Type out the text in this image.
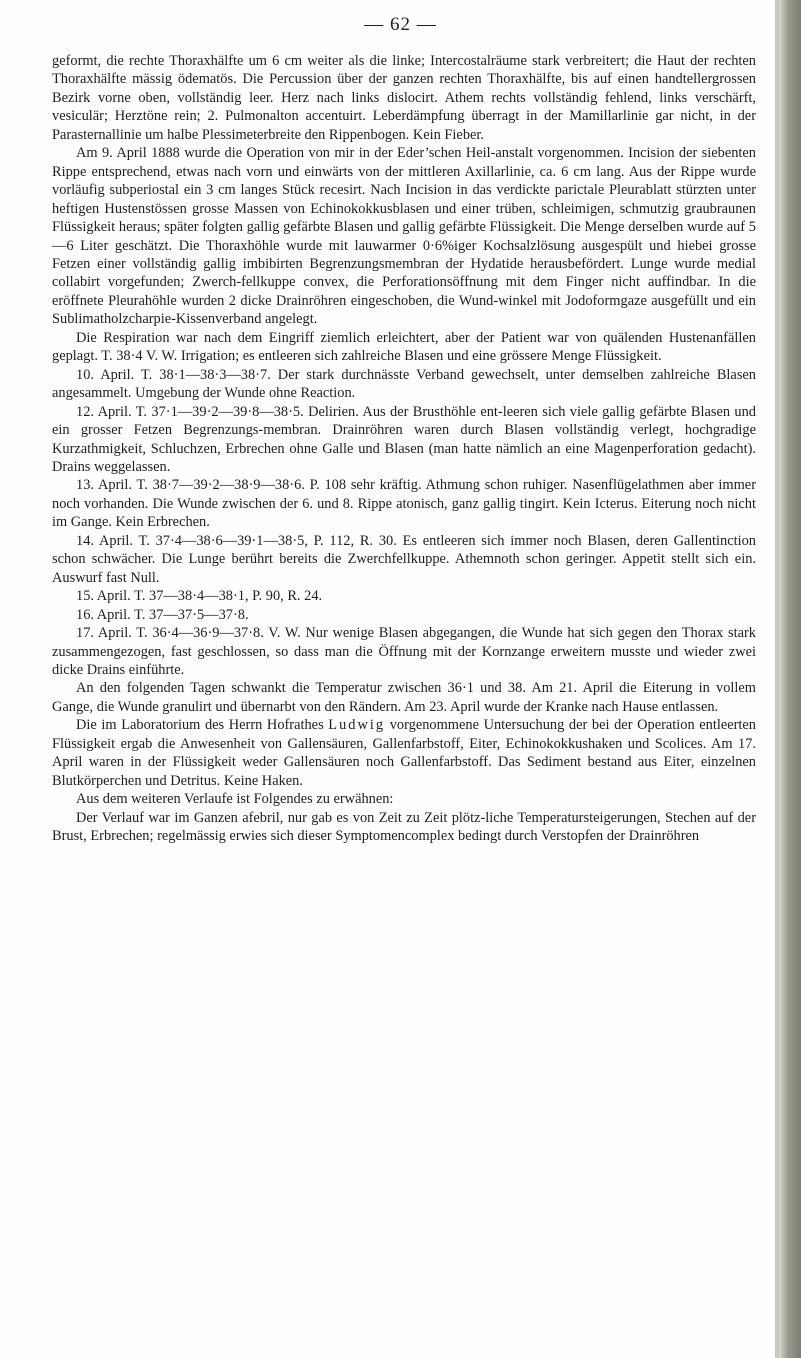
— 62 —

geformt, die rechte Thoraxhälfte um 6 cm weiter als die linke; Intercostalräume stark verbreitert; die Haut der rechten Thoraxhälfte mässig ödematös. Die Percussion über der ganzen rechten Thoraxhälfte, bis auf einen handtellergrossen Bezirk vorne oben, vollständig leer. Herz nach links dislocirt. Athem rechts vollständig fehlend, links verschärft, vesiculär; Herztöne rein; 2. Pulmonalton accentuirt. Leberdämpfung überragt in der Mamillarlinie gar nicht, in der Parasternallinie um halbe Plessimeterbreite den Rippenbogen. Kein Fieber.

Am 9. April 1888 wurde die Operation von mir in der Eder’schen Heil-anstalt vorgenommen. Incision der siebenten Rippe entsprechend, etwas nach vorn und einwärts von der mittleren Axillarlinie, ca. 6 cm lang. Aus der Rippe wurde vorläufig subperiostal ein 3 cm langes Stück recesirt. Nach Incision in das verdickte parictale Pleurablatt stürzten unter heftigen Hustenstössen grosse Massen von Echinokokkusblasen und einer trüben, schleimigen, schmutzig graubraunen Flüssigkeit heraus; später folgten gallig gefärbte Blasen und gallig gefärbte Flüssigkeit. Die Menge derselben wurde auf 5—6 Liter geschätzt. Die Thoraxhöhle wurde mit lauwarmer 0·6%iger Kochsalzlösung ausgespült und hiebei grosse Fetzen einer vollständig gallig imbibirten Begrenzungsmembran der Hydatide herausbefördert. Lunge wurde medial collabirt vorgefunden; Zwerch-fellkuppe convex, die Perforationsöffnung mit dem Finger nicht auffindbar. In die eröffnete Pleurahöhle wurden 2 dicke Drainröhren eingeschoben, die Wund-winkel mit Jodoformgaze ausgefüllt und ein Sublimatholzcharpie-Kissenverband angelegt.

Die Respiration war nach dem Eingriff ziemlich erleichtert, aber der Patient war von quälenden Hustenanfällen geplagt. T. 38·4 V. W. Irrigation; es entleeren sich zahlreiche Blasen und eine grössere Menge Flüssigkeit.

10. April. T. 38·1—38·3—38·7. Der stark durchnässte Verband gewechselt, unter demselben zahlreiche Blasen angesammelt. Umgebung der Wunde ohne Reaction.

12. April. T. 37·1—39·2—39·8—38·5. Delirien. Aus der Brusthöhle ent-leeren sich viele gallig gefärbte Blasen und ein grosser Fetzen Begrenzungs-membran. Drainröhren waren durch Blasen vollständig verlegt, hochgradige Kurzathmigkeit, Schluchzen, Erbrechen ohne Galle und Blasen (man hatte nämlich an eine Magenperforation gedacht). Drains weggelassen.

13. April. T. 38·7—39·2—38·9—38·6. P. 108 sehr kräftig. Athmung schon ruhiger. Nasenflügelathmen aber immer noch vorhanden. Die Wunde zwischen der 6. und 8. Rippe atonisch, ganz gallig tingirt. Kein Icterus. Eiterung noch nicht im Gange. Kein Erbrechen.

14. April. T. 37·4—38·6—39·1—38·5, P. 112, R. 30. Es entleeren sich immer noch Blasen, deren Gallentinction schon schwächer. Die Lunge berührt bereits die Zwerchfellkuppe. Athemnoth schon geringer. Appetit stellt sich ein. Auswurf fast Null.

15. April. T. 37—38·4—38·1, P. 90, R. 24.

16. April. T. 37—37·5—37·8.

17. April. T. 36·4—36·9—37·8. V. W. Nur wenige Blasen abgegangen, die Wunde hat sich gegen den Thorax stark zusammengezogen, fast geschlossen, so dass man die Öffnung mit der Kornzange erweitern musste und wieder zwei dicke Drains einführte.

An den folgenden Tagen schwankt die Temperatur zwischen 36·1 und 38. Am 21. April die Eiterung in vollem Gange, die Wunde granulirt und übernarbt von den Rändern. Am 23. April wurde der Kranke nach Hause entlassen.

Die im Laboratorium des Herrn Hofrathes Ludwig vorgenommene Untersuchung der bei der Operation entleerten Flüssigkeit ergab die Anwesenheit von Gallensäuren, Gallenfarbstoff, Eiter, Echinokokkushaken und Scolices. Am 17. April waren in der Flüssigkeit weder Gallensäuren noch Gallenfarbstoff. Das Sediment bestand aus Eiter, einzelnen Blutkörperchen und Detritus. Keine Haken.

Aus dem weiteren Verlaufe ist Folgendes zu erwähnen:

Der Verlauf war im Ganzen afebril, nur gab es von Zeit zu Zeit plötz-liche Temperatursteigerungen, Stechen auf der Brust, Erbrechen; regelmässig erwies sich dieser Symptomencomplex bedingt durch Verstopfen der Drainröhren
